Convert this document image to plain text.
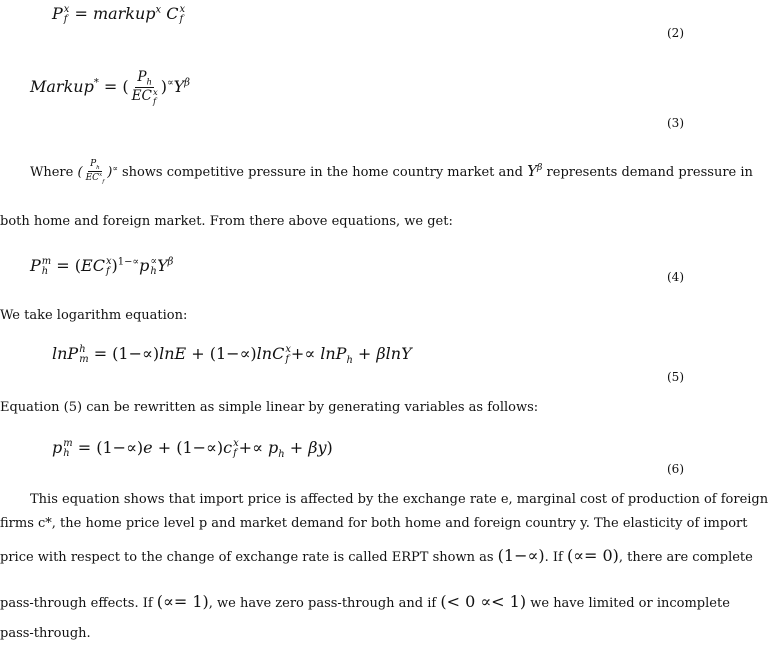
P x
f = markup$^x$ C x
f
(2)
Markup* = ( $P_h$
EC x
f )$^\propto Y^\beta$
(3)
Where ( $\frac{P_h}{EC^x_f} )^\propto$ shows competitive pressure in the home country market and $Y^\beta$ represents demand pressure in
both home and foreign market. From there above equations, we get:
P m
h = (EC x
f )$^{1-\propto}$p ∝
h $Y^\beta$
(4)
We take logarithm equation:
lnP h
m = (1−∝)lnE + (1−∝)lnC x
f +∝ lnP$_h$ + βlnY
(5)
Equation (5) can be rewritten as simple linear by generating variables as follows:
p m
h = (1−∝)e + (1−∝)c x
$f +\propto p_h + \beta y$)
(6)
This equation shows that import price is affected by the exchange rate e, marginal cost of production of foreign
firms c*, the home price level p and market demand for both home and foreign country y. The elasticity of import
price with respect to the change of exchange rate is called ERPT shown as (1−∝). If (∝= 0), there are complete
pass-through effects. If (∝= 1), we have zero pass-through and if (< 0 ∝< 1) we have limited or incomplete
pass-through.
